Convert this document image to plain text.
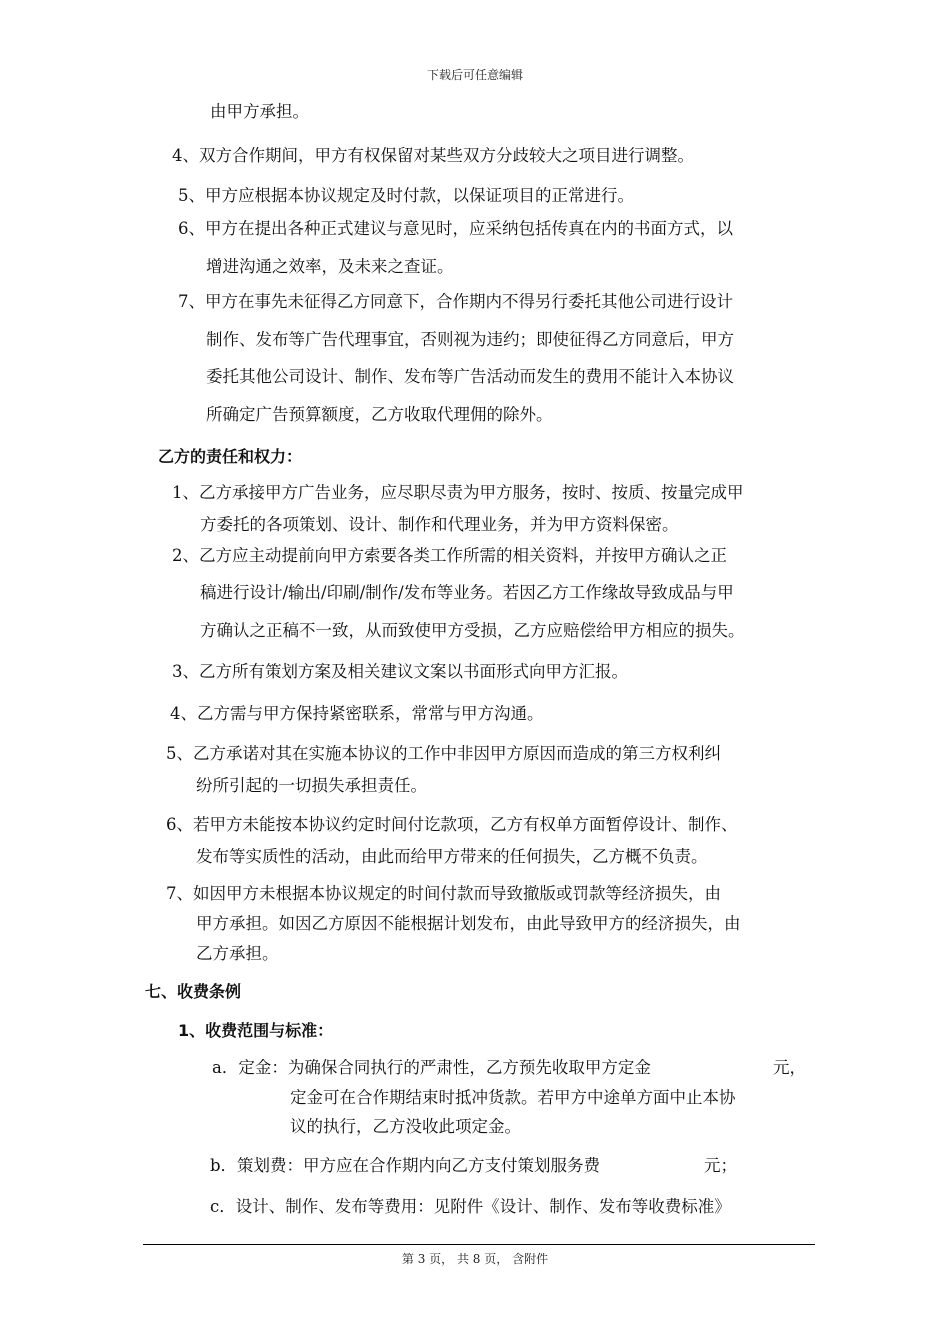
下载后可任意编辑
由甲方承担。
4、双方合作期间，甲方有权保留对某些双方分歧较大之项目进行调整。
5、甲方应根据本协议规定及时付款，以保证项目的正常进行。
6、甲方在提出各种正式建议与意见时，应采纳包括传真在内的书面方式，以
增进沟通之效率，及未来之查证。
7、甲方在事先未征得乙方同意下，合作期内不得另行委托其他公司进行设计
制作、发布等广告代理事宜，否则视为违约；即使征得乙方同意后，甲方
委托其他公司设计、制作、发布等广告活动而发生的费用不能计入本协议
所确定广告预算额度，乙方收取代理佣的除外。
乙方的责任和权力：
1、乙方承接甲方广告业务，应尽职尽责为甲方服务，按时、按质、按量完成甲
方委托的各项策划、设计、制作和代理业务，并为甲方资料保密。
2、乙方应主动提前向甲方索要各类工作所需的相关资料，并按甲方确认之正
稿进行设计/输出/印刷/制作/发布等业务。若因乙方工作缘故导致成品与甲
方确认之正稿不一致，从而致使甲方受损，乙方应赔偿给甲方相应的损失。
3、乙方所有策划方案及相关建议文案以书面形式向甲方汇报。
4、乙方需与甲方保持紧密联系，常常与甲方沟通。
5、乙方承诺对其在实施本协议的工作中非因甲方原因而造成的第三方权利纠
纷所引起的一切损失承担责任。
6、若甲方未能按本协议约定时间付讫款项，乙方有权单方面暂停设计、制作、
发布等实质性的活动，由此而给甲方带来的任何损失，乙方概不负责。
7、如因甲方未根据本协议规定的时间付款而导致撤版或罚款等经济损失，由
甲方承担。如因乙方原因不能根据计划发布，由此导致甲方的经济损失，由
乙方承担。
七、收费条例
1、收费范围与标准：
a．定金：为确保合同执行的严肃性，乙方预先收取甲方定金	元，
定金可在合作期结束时抵冲货款。若甲方中途单方面中止本协
议的执行，乙方没收此项定金。
b．策划费：甲方应在合作期内向乙方支付策划服务费	元；
c．设计、制作、发布等费用：见附件《设计、制作、发布等收费标准》
第 3 页， 共 8 页， 含附件
